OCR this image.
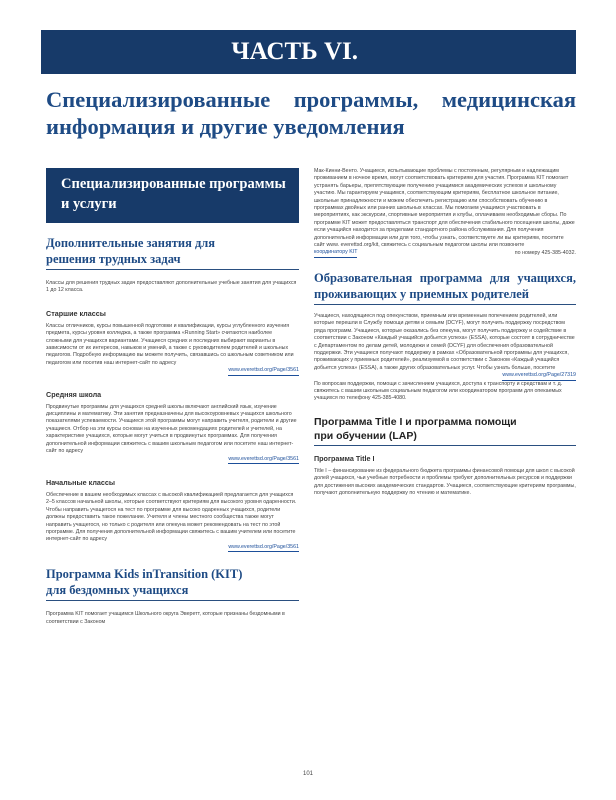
ЧАСТЬ VI.
Специализированные программы, медицинская информация и другие уведомления
Специализированные программы и услуги
Дополнительные занятия для решения трудных задач

Классы для решения трудных задач предоставляют дополнительные учебные занятия для учащихся 1 до 12 класса.

Старшие классы

Классы отличников, курсы повышенной подготовки и квалификации, курсы углубленного изучения предмета, курсы уровня колледжа, а также программа «Running Start» считаются наиболее сложными для учащихся вариантами. Учащиеся средних и последних выбирают варианты в зависимости от их интересов, навыков и умений, а также с руководителем родителей и школьных педагогов. Подробную информацию вы можете получить, связавшись со школьным советником или педагогом или посетив наш интернет-сайт по адресу

www.everettsd.org/Page/3561
Средняя школа

Продвинутые программы для учащихся средней школы включают английский язык, изучение дисциплины и математику. Эти занятия предназначены для высокоуровневых учащихся школьного показателями успеваемости. Учащиеся этой программы могут направить учителя, родители и другие учащиеся. Отбор на эти курсы основан на изученных рекомендациях родителей и учителей, на характеристике учащихся, которые могут учиться в продвинутых программах. Для получения дополнительной информации свяжитесь с вашим школьным педагогом или посетите наш интернет-сайт по адресу

www.everettsd.org/Page/3561
Начальные классы

Обеспечение в вашем необходимых классах с высокой квалификацией предлагается для учащихся 2–5 классов начальной школы, которые соответствуют критериям для высокого уровня одаренности. Чтобы направить учащегося на тест по программе для высоко одаренных учащихся, родители должны предоставить такое пожелание. Учителя и члены местного сообщества также могут направить учащегося, но только с родителя или опекуна может рекомендовать на тест по этой программе. Для получения дополнительной информации свяжитесь с вашим учителем или посетите интернет-сайт по адресу

www.everettsd.org/Page/3561
Программа Kids inTransition (KIT) для бездомных учащихся

Программа KIT помогает учащимся Школьного округа Эверетт, которые признаны бездомными в соответствии с Законом

Мак-Кинни-Венто. Учащиеся, испытывающие проблемы с постоянным, регулярным и надлежащим проживанием в ночное время, могут соответствовать критериям для участия. Программа KIT помогает устранять барьеры, препятствующие получению учащимися академических успехов и школьному участию. Мы гарантируем учащимся, соответствующим критериям, бесплатное школьное питание, школьные принадлежности и можем обеспечить регистрацию или способствовать обучению в программах двойных или ранних школьных классах. Мы помогаем учащимся участвовать в мероприятиях, как экскурсии, спортивные мероприятия и клубы, оплачиваем необходимые сборы. По программе KIT может предоставляться транспорт для обеспечения стабильного посещения школы, даже если учащийся находится за пределами стандартного района обслуживания. Для получения дополнительной информации или для того, чтобы узнать, соответствуете ли вы критериям, посетите сайт www. everettsd.org/kit, свяжитесь с социальным педагогом школы или позвоните

координатору KIT	по номеру 425-385-4032.
Образовательная программа для учащихся, проживающих у приемных родителей

Учащиеся, находящиеся под опекунством, приемным или временным попечением родителей, или которые перешли в Службу помощи детям и семьям (DCYF), могут получить поддержку посредством ряда программ. Учащиеся, которые оказались без опекуна, могут получить поддержку и содействие в соответствии с Законом «Каждый учащийся добьется успеха» (ESSA), которые состоят в сотрудничестве с Департаментом по делам детей, молодежи и семей (DCYF) для обеспечения образовательной поддержки. Эти учащиеся получают поддержку в рамках «Образовательной программы для учащихся, проживающих у приемных родителей», реализуемой в соответствии с Законом «Каждый учащийся добьется успеха» (ESSA), а также других образовательных услуг. Чтобы узнать больше, посетите

www.everettsd.org/Page/27319

По вопросам поддержки, помощи с зачислением учащихся, доступа к транспорту и средствам и т. д. свяжитесь с вашим школьным социальным педагогом или координатором программ для опекаемых учащихся по телефону 425-385-4080.

Программа Title I и программа помощи при обучении (LAP)
Программа Title I

Title I – финансирование из федерального бюджета программы финансовой помощи для школ с высокой долей учащихся, чьи учебные потребности и проблемы требуют дополнительных ресурсов и поддержки для достижения высоких академических стандартов. Учащиеся, соответствующие критериям программы, получают дополнительную поддержку по чтению и математике.

101
